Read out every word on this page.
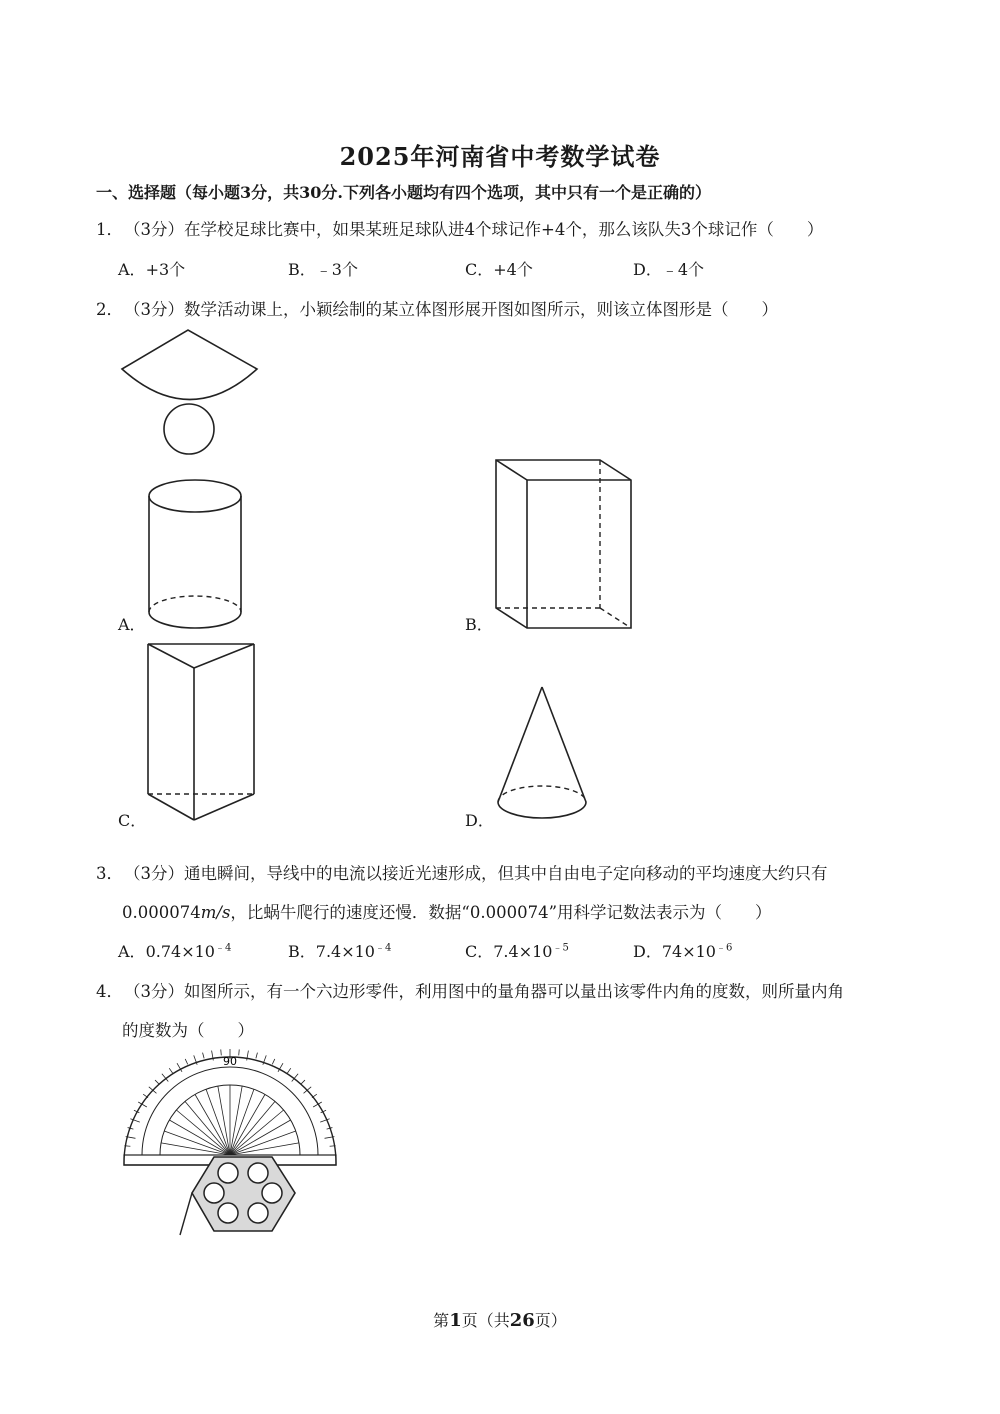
2025年河南省中考数学试卷
一、选择题（每小题3分，共30分.下列各小题均有四个选项，其中只有一个是正确的）
1．（3分）在学校足球比赛中，如果某班足球队进4个球记作+4个，那么该队失3个球记作（　　）
A．+3个	B．﹣3个	C．+4个	D．﹣4个
2．（3分）数学活动课上，小颖绘制的某立体图形展开图如图所示，则该立体图形是（　　）
A．	B．
C．	D．
3．（3分）通电瞬间，导线中的电流以接近光速形成，但其中自由电子定向移动的平均速度大约只有
0.000074m/s，比蜗牛爬行的速度还慢．数据“0.000074”用科学记数法表示为（　　）
A．$0.74\times 10^{﹣4}$	B．$7.4\times 10^{﹣4}$	C．$7.4\times 10^{﹣5}$	D．$74\times 10^{﹣6}$
4．（3分）如图所示，有一个六边形零件，利用图中的量角器可以量出该零件内角的度数，则所量内角
的度数为（　　）
90
第1页（共26页）
